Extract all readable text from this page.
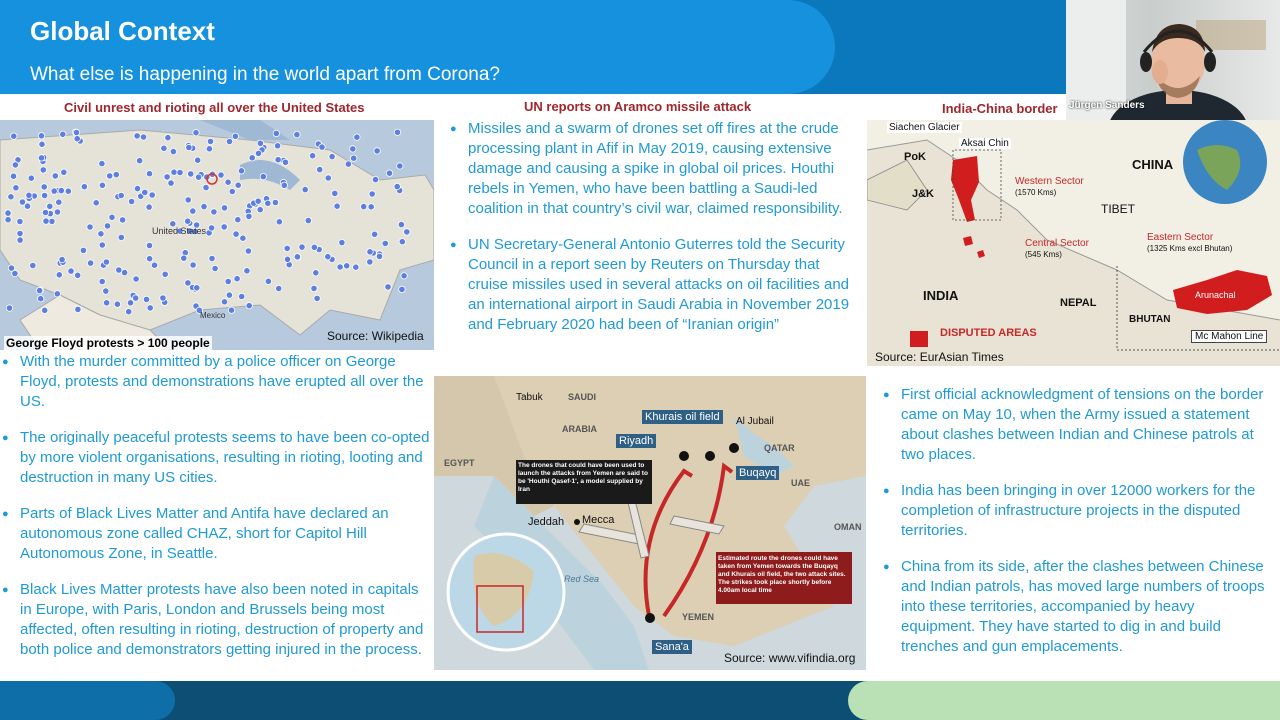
Global Context
What else is happening in the world apart from Corona?
Jürgen Sanders
Civil unrest and rioting all over the United States	UN reports on Aramco missile attack	India-China border
United States
Mexico
Source: Wikipedia
George Floyd protests > 100 people
● With the murder committed by a police officer on George Floyd, protests and demonstrations have erupted all over the US.
● The originally peaceful protests seems to have been co-opted by more violent organisations, resulting in rioting, looting and destruction in many US cities.
● Parts of Black Lives Matter and Antifa have declared an autonomous zone called CHAZ, short for Capitol Hill Autonomous Zone, in Seattle.
● Black Lives Matter protests have also been noted in capitals in Europe, with Paris, London and Brussels being most affected, often resulting in rioting, destruction of property and both police and demonstrators getting injured in the process.
● Missiles and a swarm of drones set off fires at the crude processing plant in Afif in May 2019, causing extensive damage and causing a spike in global oil prices. Houthi rebels in Yemen, who have been battling a Saudi-led coalition in that country’s civil war, claimed responsibility.
● UN Secretary-General Antonio Guterres told the Security Council in a report seen by Reuters on Thursday that cruise missiles used in several attacks on oil facilities and an international airport in Saudi Arabia in November 2019 and February 2020 had been of “Iranian origin”
Tabuk	SAUDI
ARABIA
EGYPT
Jeddah Mecca
Riyadh
Khurais oil field	Al Jubail
QATAR
Buqayq
UAE
OMAN
YEMEN
Sana'a
Red Sea
The drones that could have been used to launch the attacks from Yemen are said to be 'Houthi Qasef-1', a model supplied by Iran
Estimated route the drones could have taken from Yemen towards the Buqayq and Khurais oil field, the two attack sites. The strikes took place shortly before 4.00am local time
Source: www.vifindia.org
Siachen Glacier
Aksai Chin
CHINA
PoK
J&K
Western Sector
(1570 Kms)
TIBET
Central Sector
(545 Kms)
Eastern Sector
(1325 Kms excl Bhutan)
INDIA	NEPAL
BHUTAN
Arunachal
Mc Mahon Line
DISPUTED AREAS
Source: EurAsian Times
● First official acknowledgment of tensions on the border came on May 10, when the Army issued a statement about clashes between Indian and Chinese patrols at two places.
● India has been bringing in over 12000 workers for the completion of infrastructure projects in the disputed territories.
● China from its side, after the clashes between Chinese and Indian patrols, has moved large numbers of troops into these territories, accompanied by heavy equipment. They have started to dig in and build trenches and gun emplacements.
